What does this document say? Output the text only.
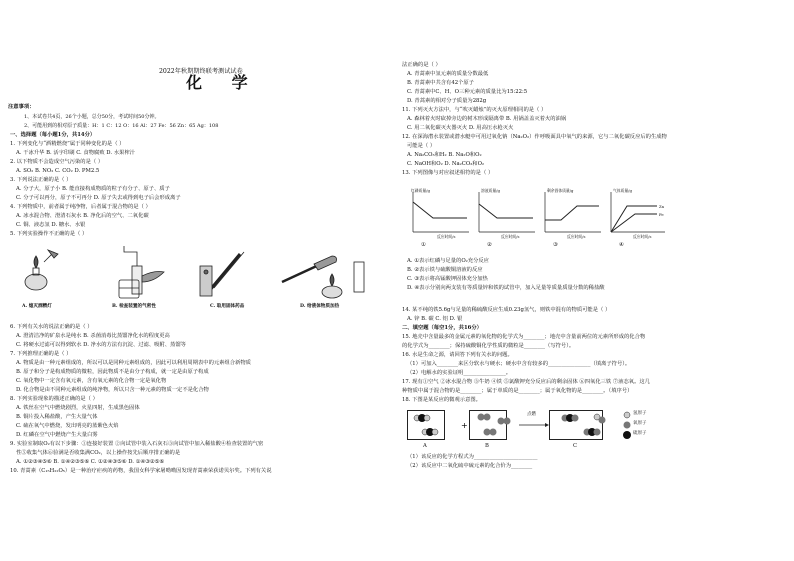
2022年秋期期终联考测试试卷
化 学
注意事项：
1、本试卷共4页，26个小题，总分50分，考试时间50分钟。
2、可能用到的相对原子质量：H：1 C：12 O：16 Al：27 Fe：56 Zn：65 Ag：108
一、选择题（每小题1分，共14分）
1. 下列变化与“酒精燃烧”属于同种变化的是（ ）
A. 干冰升华 B. 活字印刷 C. 食物腐败 D. 水果榨汁
2. 以下物质不会造成空气污染的是（ ）
A. SO₂ B. NO₂ C. CO₂ D. PM2.5
3. 下列说法正确的是（ ）
A. 分子大，原子小 B. 能直接构成物质的粒子有分子、原子、质子
C. 分子可以再分，原子不可再分 D. 原子失去或得到电子后会形成离子
4. 下列物质中，前者属于纯净物，后者属于混合物的是（ ）
A. 冰水混合物、澄清石灰水 B. 净化后的空气、二氧化碳
C. 铜、液态氢 D. 糖水、水银
5. 下列实验操作不正确的是（ ）
A. 熄灭酒精灯	B. 检查装置的气密性	C. 取用固体药品	D. 给液体物质加热
6. 下列有关水的说法正确的是（ ）
A. 澄清洁净的矿泉水是纯水 B. 杀菌消毒比蒸馏净化水的程度更高
C. 将硬水过滤可以得到软水 D. 净水的方法有沉淀、过滤、吸附、蒸馏等
7. 下列推理正确的是（ ）
A. 物质是由一种元素组成的，所以可以是同种元素组成的，因此可以利用周期表中的元素组合新物质
B. 原子和分子是构成物质的微粒，因此物质不是由分子构成，就一定是由原子构成
C. 氧化物中一定含有氧元素，含有氧元素的化合物一定是氧化物
D. 化合物是由不同种元素组成的纯净物，所以只含一种元素的物质一定不是化合物
8. 下列实验现象的描述正确的是（ ）
A. 铁丝在空气中燃烧剧烈，火星四射，生成黑色固体
B. 铜片投入稀盐酸，产生大量气体
C. 硫在氧气中燃烧，发出明亮的蓝紫色火焰
D. 红磷在空气中燃烧产生大量白雾
9. 实验室制取O₂有以下步骤：①连接好装置 ②向试管中装入石灰石③向试管中加入稀盐酸④检查装置的气密
性⑤收集气体⑥验满是否收集满CO₂，以上操作按先后顺序排正确的是
A. ①②③④⑤⑥ B. ①④②③⑤⑥ C. ①②④③⑤⑥ D. ①④③②⑤⑥
10. 青蒿素（C₁₅H₂₂O₅）是一种治疗疟疾的药物，我国女科学家屠呦呦因发现青蒿素荣获诺贝尔奖。下列有关说
法正确的是（ ）
A. 青蒿素中氢元素的质量分数最低
B. 青蒿素中共含有42个原子
C. 青蒿素中C、H、O三种元素的质量比为15:22:5
D. 青蒿素的相对分子质量为282g
11. 下列灭火方法中，与“吹灭蜡烛”的灭火原理相同的是（ ）
A. 森林着火时砍掉旁边的树木形成隔离带 B. 用锅盖盖灭着火的油锅
C. 用二氧化碳灭火器灭火 D. 用高压水枪灭火
12. 在深海潜水装置或潜水艇中可用过氧化钠（Na₂O₂）作呼吸面具中氧气的来源，它与二氧化碳反应后的生成物
可能是（ ）
A. Na₂CO₃和H₂ B. Na₂O和O₂
C. NaOH和O₂ D. Na₂CO₃和O₂
13. 下列图像与对应叙述相符的是（ ）
红磷质量/g	溶液质量/g	剩余固体质量/g	气体质量/g
反应时间/s	反应时间/s	反应时间/s	反应时间/s
Zn
Fe
①	②	③	④
A. ①表示红磷与足量的O₂充分反应
B. ②表示铁与硫酸铜溶液的反应
C. ③表示将高锰酸钾固体充分加热
D. ④表示分别向两支装有等质量锌和铁的试管中，加入足量等质量质量分数的稀盐酸
14. 某不纯的铁5.6g与足量的稀硫酸反应生成0.23g氢气，则铁中混有的物质可能是（ ）
A. 锌 B. 碳 C. 铝 D. 银
二、填空题（每空1分，共16分）
15. 地壳中含量最多的金属元素的氧化物的化学式为________；地壳中含量前两位的元素所形成的化合物
的化学式为________；保持硫酸铜化学性质的微粒是________（写符号）。
16. 水是生命之源，请回答下列有关水的问题。
（1）可加入________来区分软水与硬水；硬水中含有较多的________________（填离子符号）。
（2）电解水的实验证明________________。
17. 现有①空气 ②冰水混合物 ③牛奶 ④铁 ⑤氯酸钾充分反应后的剩余固体 ⑥四氧化三铁 ⑦液态氧。这几
种物质中属于混合物的是________；属于单质的是________；属于氧化物的是________。（填序号）
18. 下图是某反应的微观示意图。
+
点燃	氢原子
氧原子
硫原子
A	B	C
（1）该反应的化学方程式为________________________
（2）该反应中二氧化硫中硫元素的化合价为________
